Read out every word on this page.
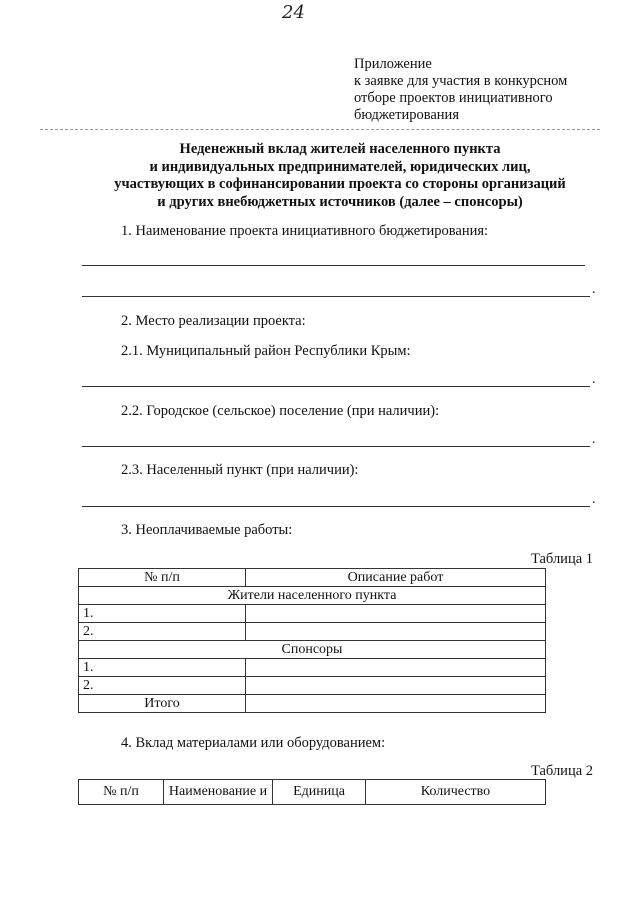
24
Приложение
к заявке для участия в конкурсном
отборе проектов инициативного
бюджетирования
Неденежный вклад жителей населенного пункта
и индивидуальных предпринимателей, юридических лиц,
участвующих в софинансировании проекта со стороны организаций
и других внебюджетных источников (далее – спонсоры)
1. Наименование проекта инициативного бюджетирования:
.
2. Место реализации проекта:
2.1. Муниципальный район Республики Крым:
.
2.2. Городское (сельское) поселение (при наличии):
.
2.3. Населенный пункт (при наличии):
.
3. Неоплачиваемые работы:
Таблица 1
№ п/п	Описание работ
Жители населенного пункта	
1.	
2.	
Спонсоры	
1.	
2.	
Итого	
4. Вклад материалами или оборудованием:
Таблица 2
№ п/п	Наименование и	Единица	Количество
